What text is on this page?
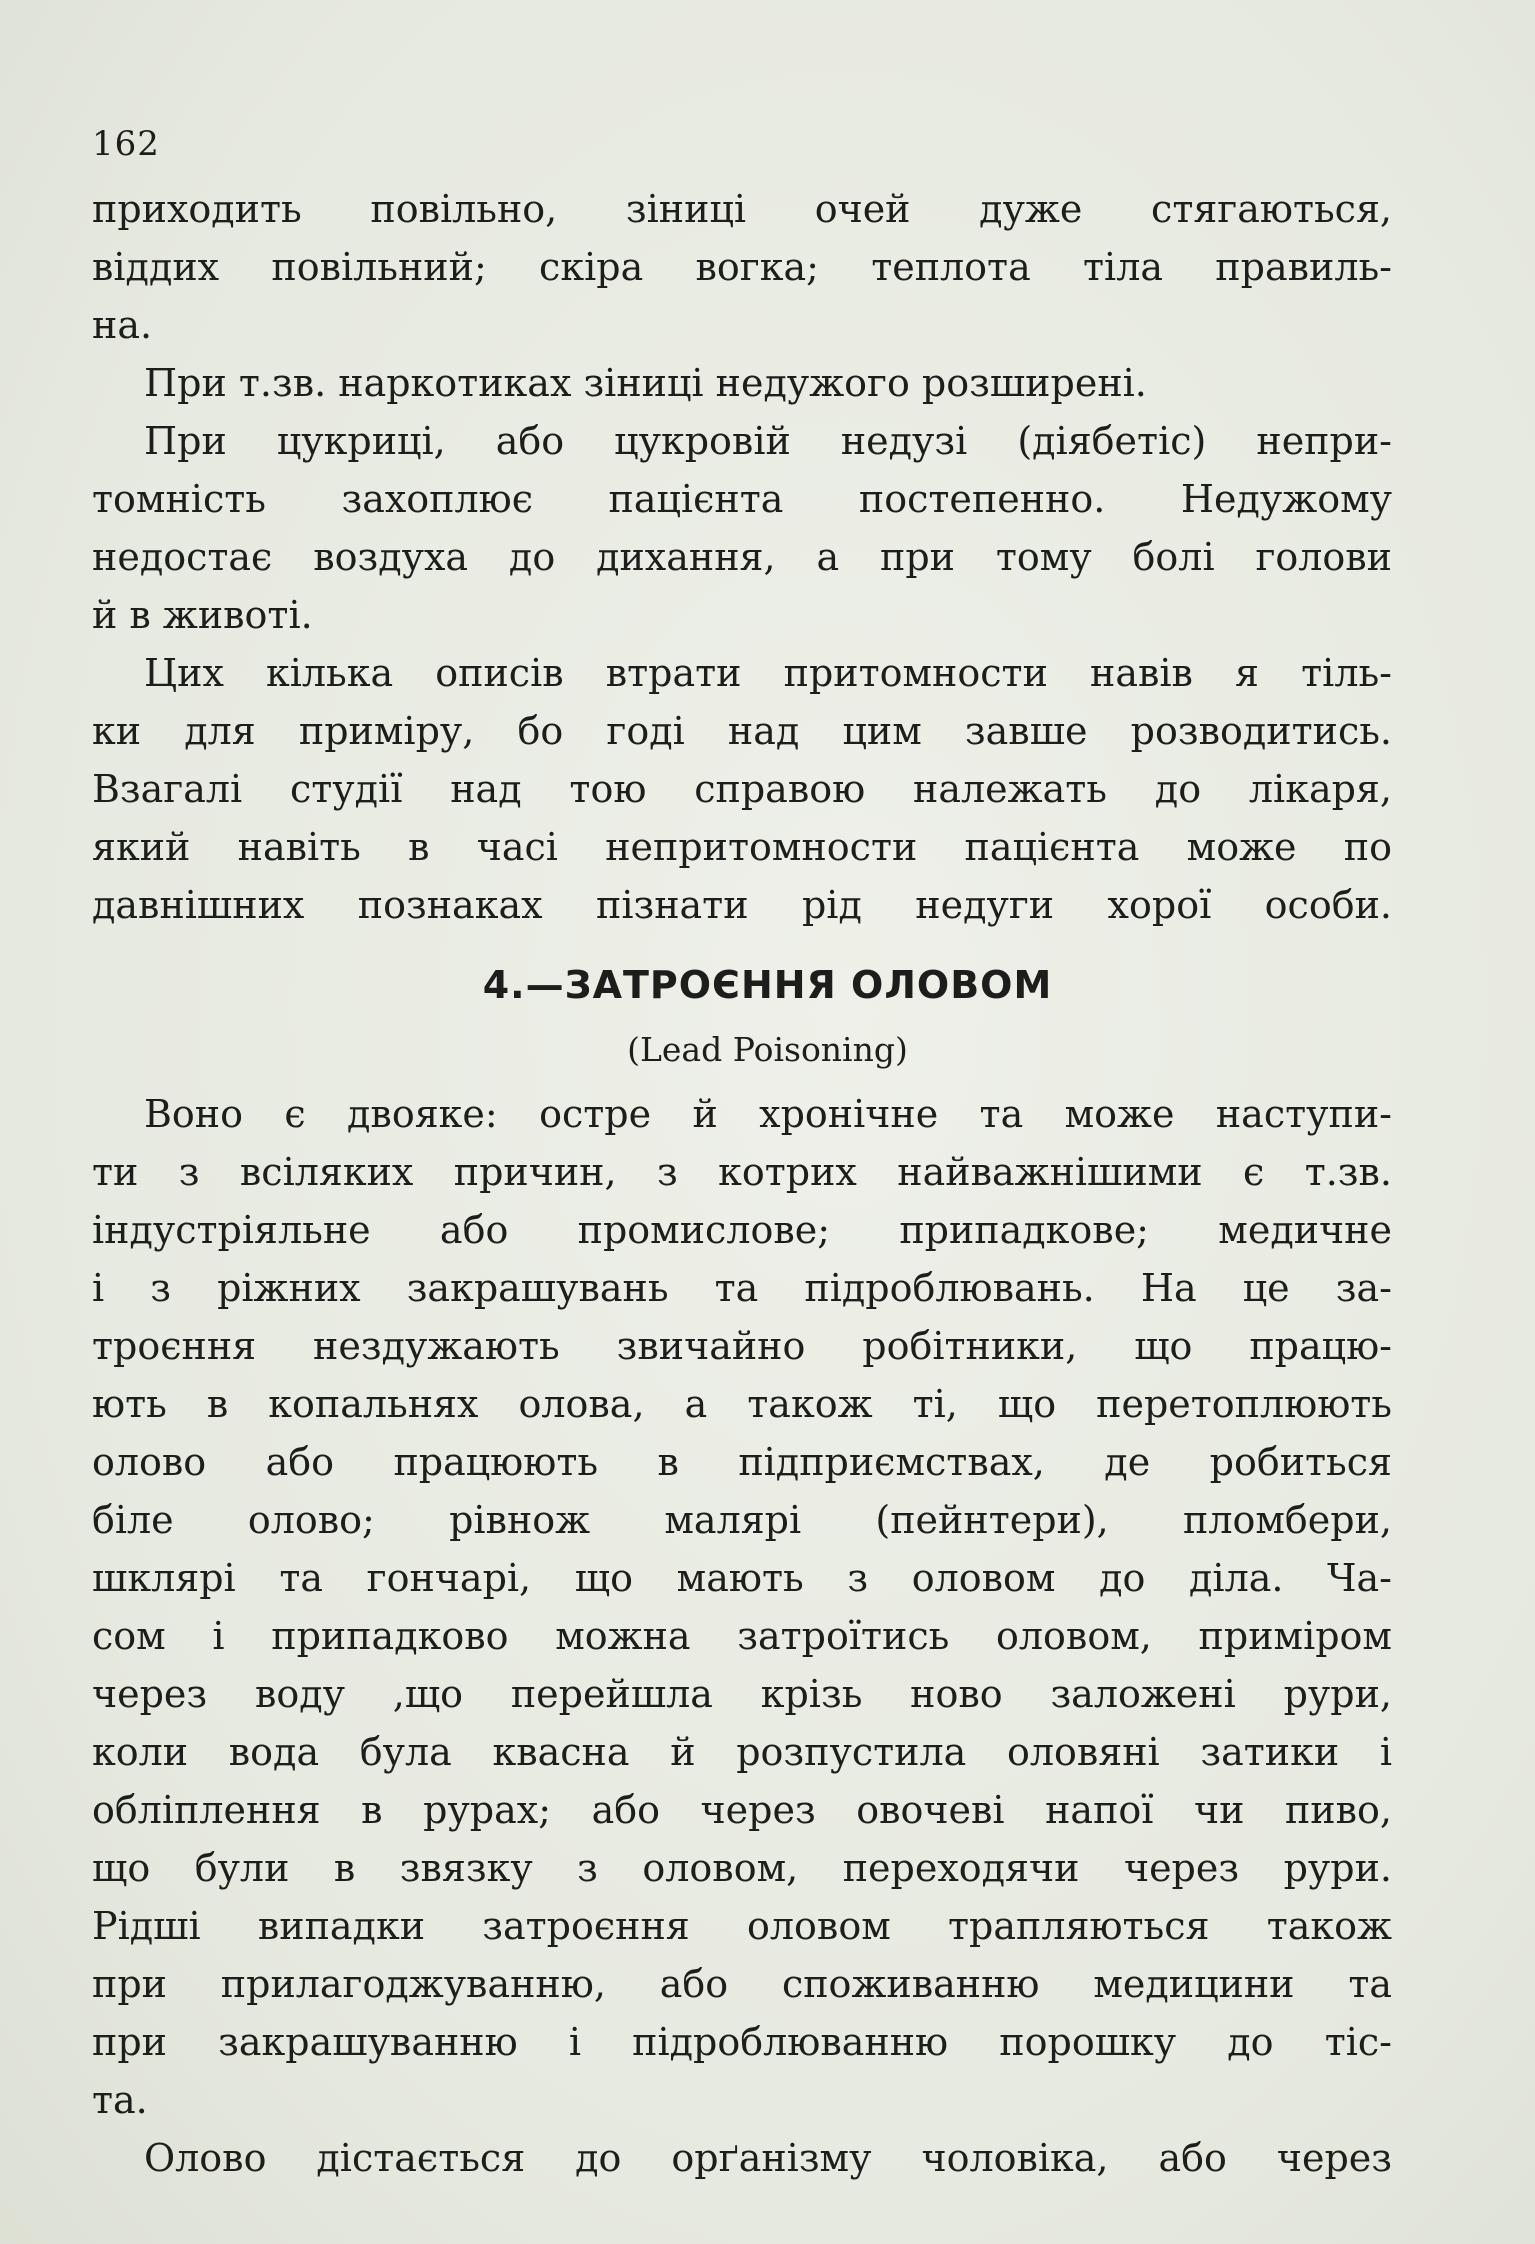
162
приходить повільно, зіниці очей дуже стягаються,
віддих повільний; скіра вогка; теплота тіла правиль-
на.
При т.зв. наркотиках зіниці недужого розширені.
При цукриці, або цукровій недузі (діябетіс) непри-
томність захоплює пацієнта постепенно. Недужому
недостає воздуха до дихання, а при тому болі голови
й в животі.
Цих кілька описів втрати притомности навів я тіль-
ки для приміру, бо годі над цим завше розводитись.
Взагалі студії над тою справою належать до лікаря,
який навіть в часі непритомности пацієнта може по
давнішних познаках пізнати рід недуги хорої особи.
4.—ЗАТРОЄННЯ ОЛОВОМ
(Lead Poisoning)
Воно є двояке: остре й хронічне та може наступи-
ти з всіляких причин, з котрих найважнішими є т.зв.
індустріяльне або промислове; припадкове; медичне
і з ріжних закрашувань та підроблювань. На це за-
троєння нездужають звичайно робітники, що працю-
ють в копальнях олова, а також ті, що перетоплюють
олово або працюють в підприємствах, де робиться
біле олово; рівнож малярі (пейнтери), пломбери,
шклярі та гончарі, що мають з оловом до діла. Ча-
сом і припадково можна затроїтись оловом, приміром
через воду ,що перейшла крізь ново заложені рури,
коли вода була квасна й розпустила оловяні затики і
обліплення в рурах; або через овочеві напої чи пиво,
що були в звязку з оловом, переходячи через рури.
Рідші випадки затроєння оловом трапляються також
при прилагоджуванню, або споживанню медицини та
при закрашуванню і підроблюванню порошку до тіс-
та.
Олово дістається до орґанізму чоловіка, або через
